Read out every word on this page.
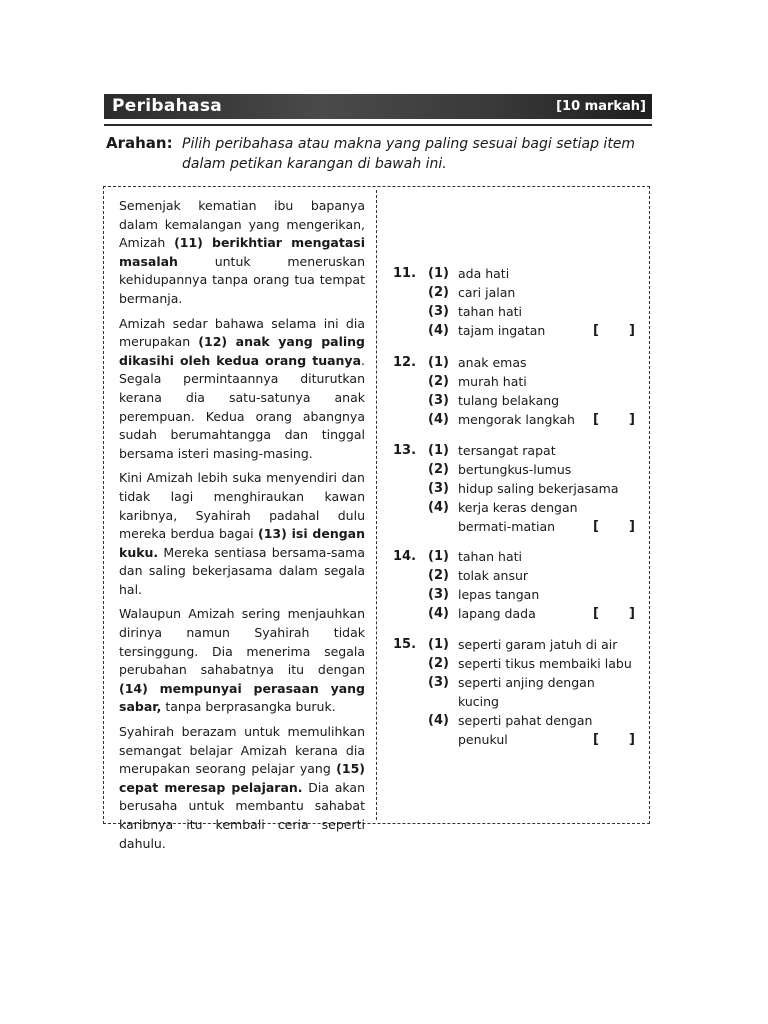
Peribahasa	[10 markah]
Arahan: Pilih peribahasa atau makna yang paling sesuai bagi setiap item dalam petikan karangan di bawah ini.

Semenjak kematian ibu bapanya dalam kemalangan yang mengerikan, Amizah (11) berikhtiar mengatasi masalah untuk meneruskan kehidupannya tanpa orang tua tempat bermanja.

Amizah sedar bahawa selama ini dia merupakan (12) anak yang paling dikasihi oleh kedua orang tuanya. Segala permintaannya diturutkan kerana dia satu-satunya anak perempuan. Kedua orang abangnya sudah berumahtangga dan tinggal bersama isteri masing-masing.

Kini Amizah lebih suka menyendiri dan tidak lagi menghiraukan kawan karibnya, Syahirah padahal dulu mereka berdua bagai (13) isi dengan kuku. Mereka sentiasa bersama-sama dan saling bekerjasama dalam segala hal.

Walaupun Amizah sering menjauhkan dirinya namun Syahirah tidak tersinggung. Dia menerima segala perubahan sahabatnya itu dengan (14) mempunyai perasaan yang sabar, tanpa berprasangka buruk.

Syahirah berazam untuk memulihkan semangat belajar Amizah kerana dia merupakan seorang pelajar yang (15) cepat meresap pelajaran. Dia akan berusaha untuk membantu sahabat karibnya itu kembali ceria seperti dahulu.

11. (1) ada hati
(2) cari jalan
(3) tahan hati
(4) tajam ingatan	[ ]
12. (1) anak emas
(2) murah hati
(3) tulang belakang
(4) mengorak langkah [ ]
13. (1) tersangat rapat
(2) bertungkus-lumus
(3) hidup saling bekerjasama
(4) kerja keras dengan
bermati-matian	[ ]
14. (1) tahan hati
(2) tolak ansur
(3) lepas tangan
(4) lapang dada	[ ]
15. (1) seperti garam jatuh di air
(2) seperti tikus membaiki labu
(3) seperti anjing dengan
kucing
(4) seperti pahat dengan
penukul	[ ]
